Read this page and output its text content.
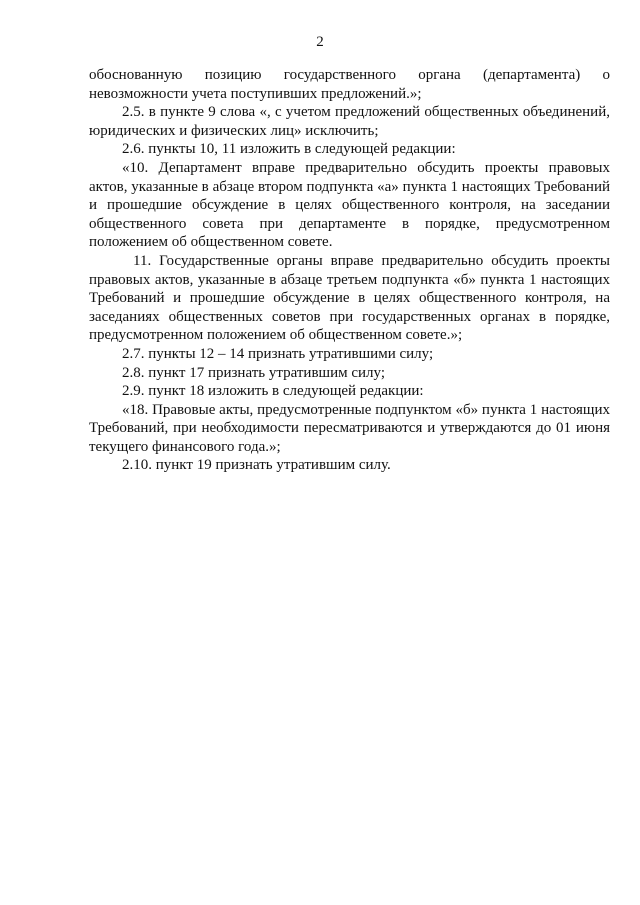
2

обоснованную позицию государственного органа (департамента) о невозможности учета поступивших предложений.»;

2.5. в пункте 9 слова «, с учетом предложений общественных объединений, юридических и физических лиц» исключить;

2.6. пункты 10, 11 изложить в следующей редакции:

«10. Департамент вправе предварительно обсудить проекты правовых актов, указанные в абзаце втором подпункта «а» пункта 1 настоящих Требований и прошедшие обсуждение в целях общественного контроля, на заседании общественного совета при департаменте в порядке, предусмотренном положением об общественном совете.

11. Государственные органы вправе предварительно обсудить проекты правовых актов, указанные в абзаце третьем подпункта «б» пункта 1 настоящих Требований и прошедшие обсуждение в целях общественного контроля, на заседаниях общественных советов при государственных органах в порядке, предусмотренном положением об общественном совете.»;

2.7. пункты 12 – 14 признать утратившими силу;

2.8. пункт 17 признать утратившим силу;

2.9. пункт 18 изложить в следующей редакции:

«18. Правовые акты, предусмотренные подпунктом «б» пункта 1 настоящих Требований, при необходимости пересматриваются и утверждаются до 01 июня текущего финансового года.»;

2.10. пункт 19 признать утратившим силу.
